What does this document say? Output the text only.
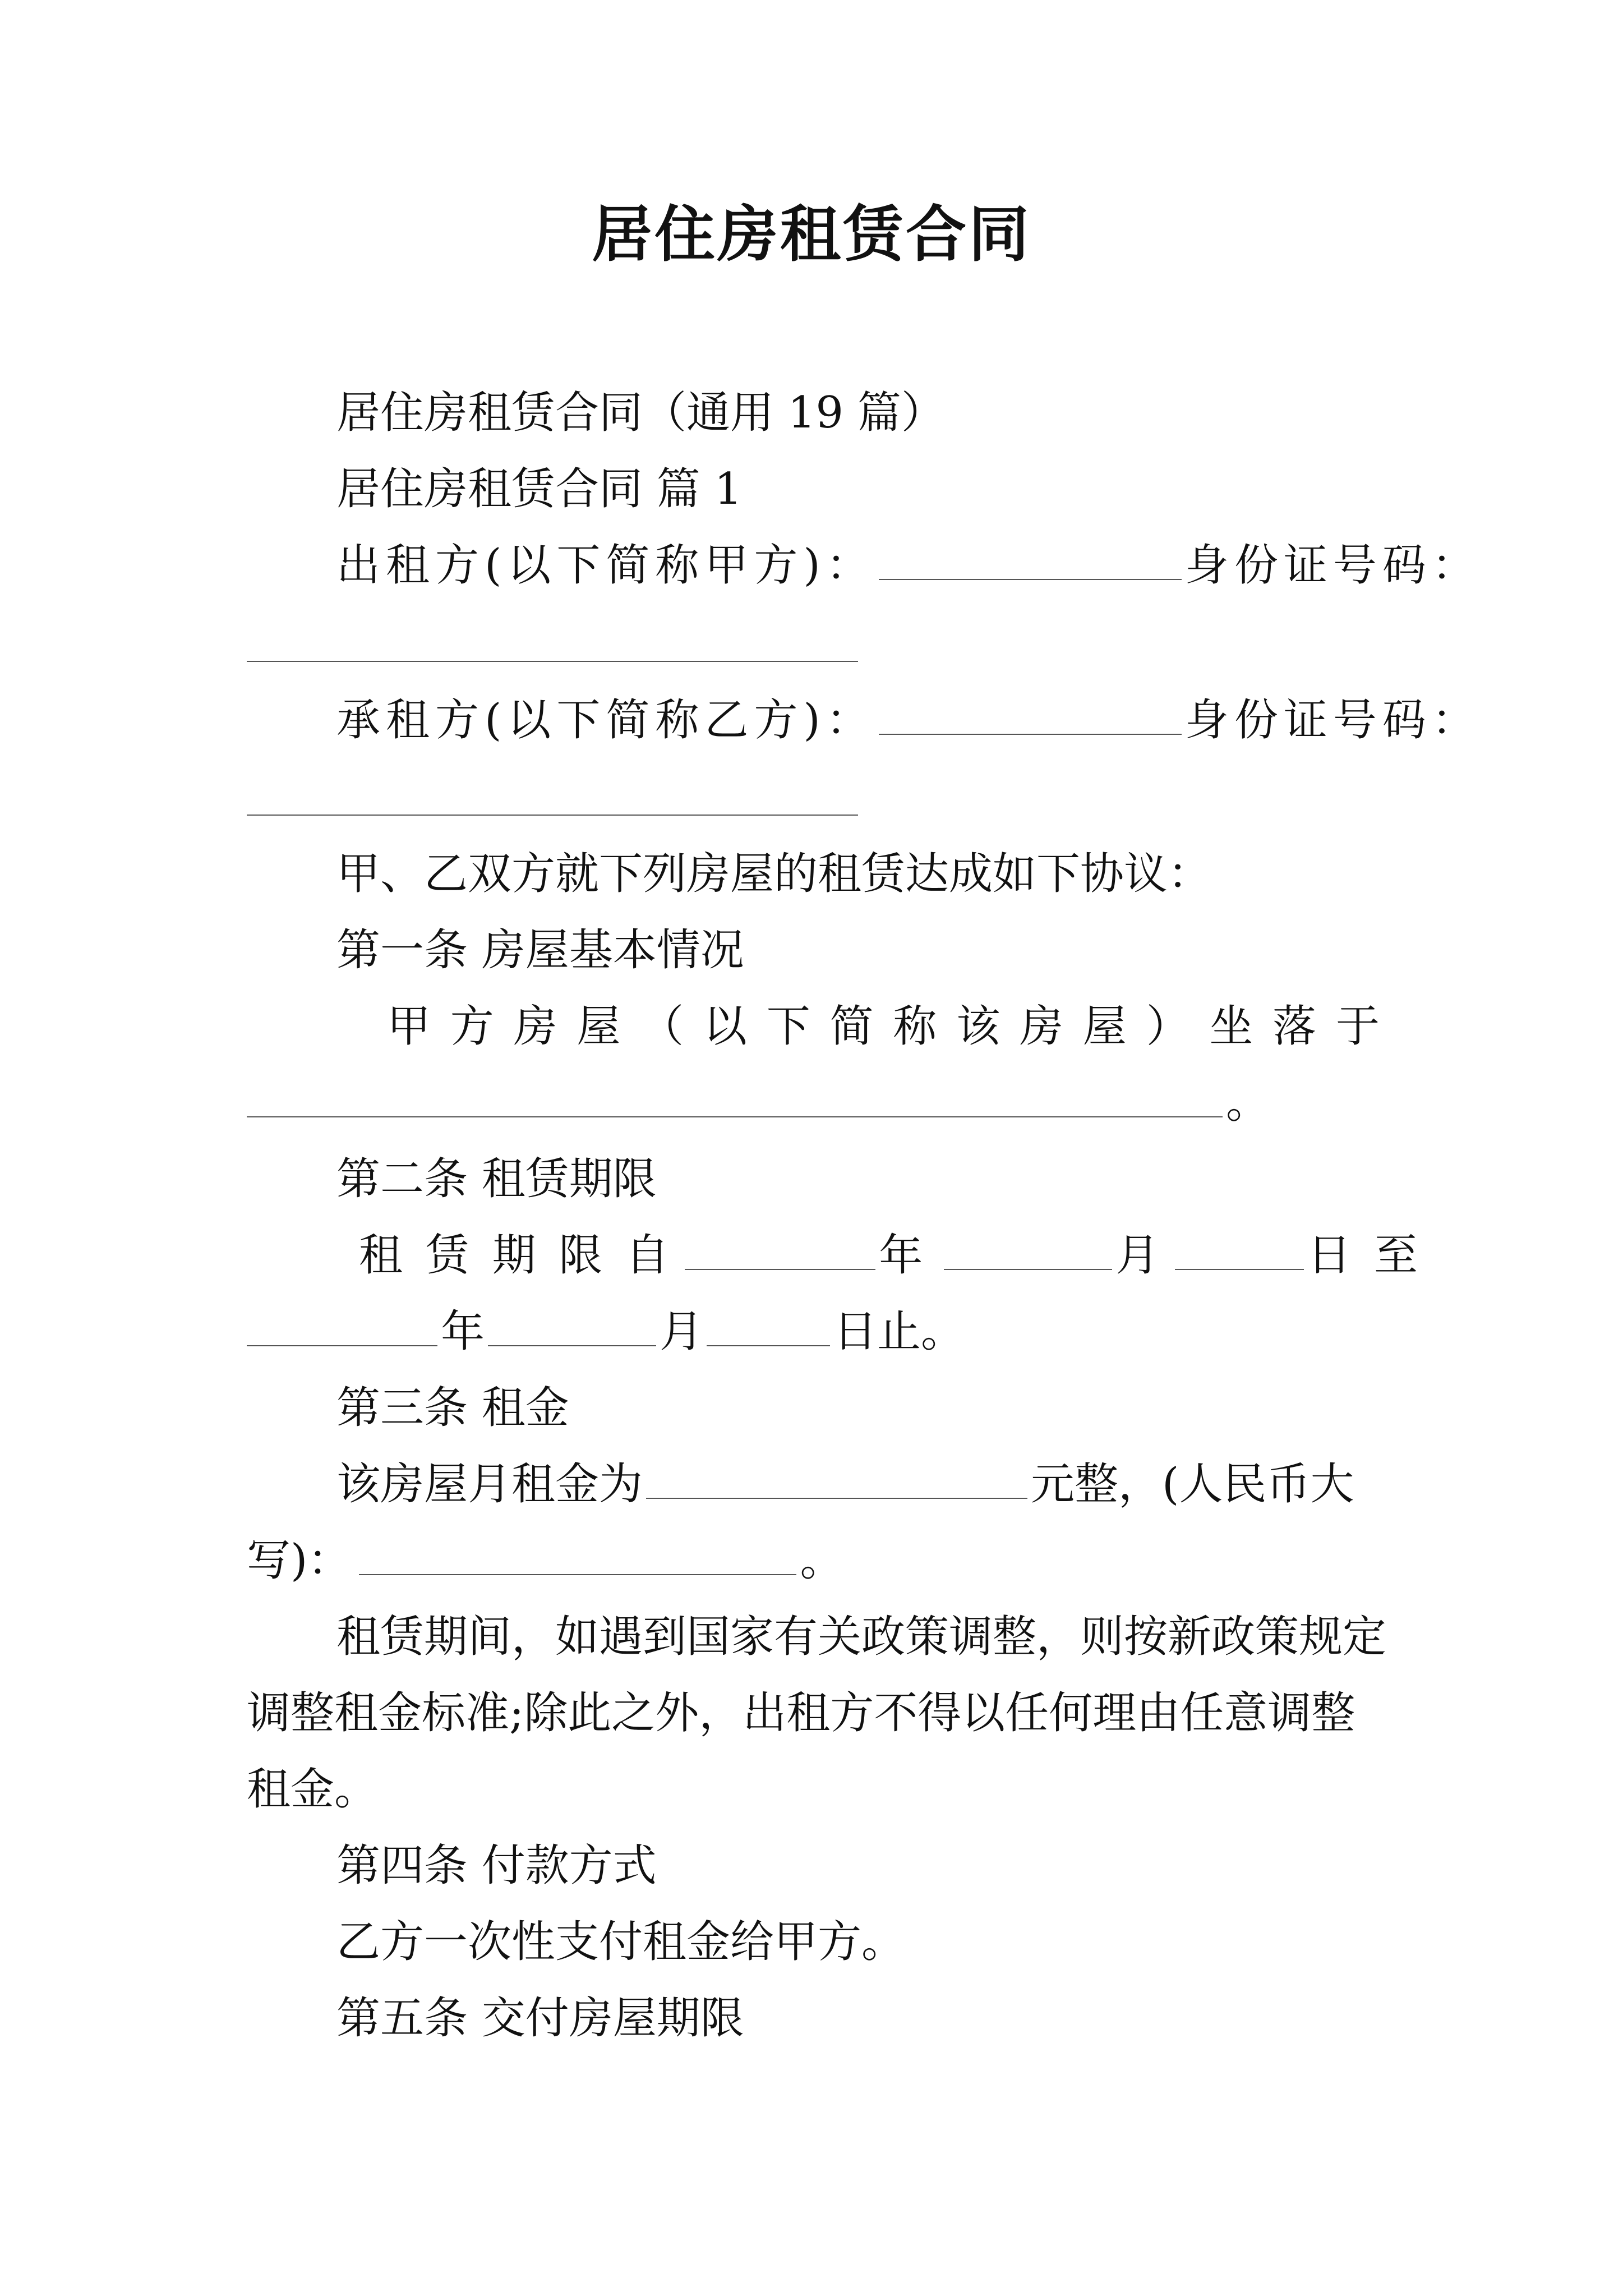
居住房租赁合同
居住房租赁合同（通用 19 篇）
居住房租赁合同 篇 1
出租方(以下简称甲方)：	身份证号码：
承租方(以下简称乙方)：	身份证号码：
甲、乙双方就下列房屋的租赁达成如下协议：
第一条 房屋基本情况
甲 方 房 屋 （ 以 下 简 称 该 房 屋 ） 坐 落 于
。
第二条 租赁期限
租 赁 期 限 自	年	月	日 至
年	月	日止。
第三条 租金
该房屋月租金为	元整，(人民币大
写)：	。
租赁期间，如遇到国家有关政策调整，则按新政策规定
调整租金标准;除此之外，出租方不得以任何理由任意调整
租金。
第四条 付款方式
乙方一次性支付租金给甲方。
第五条 交付房屋期限
